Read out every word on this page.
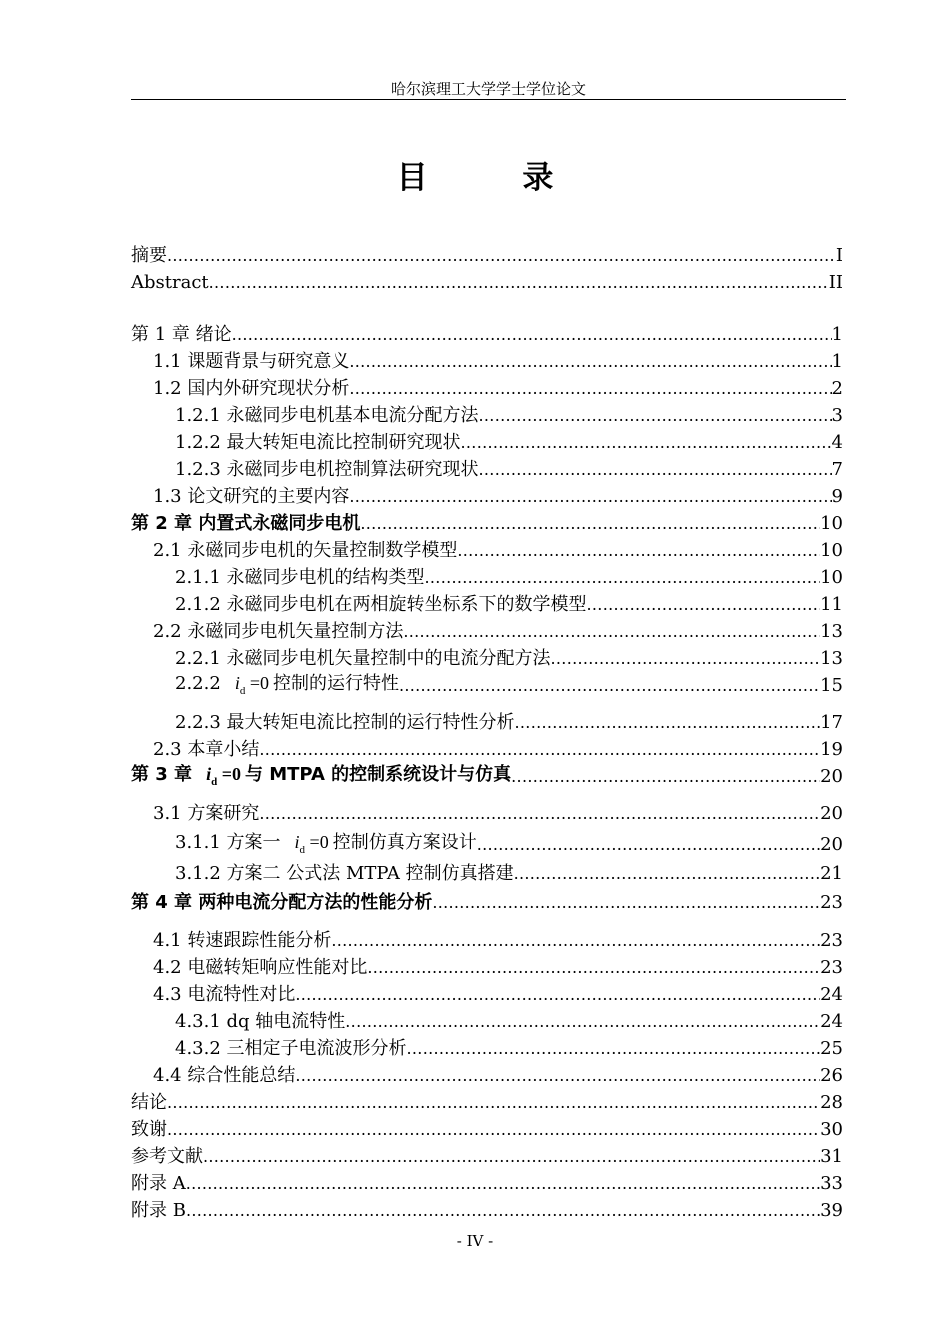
哈尔滨理工大学学士学位论文
目 录
摘要 .....	I
Abstract .....	II
第 1 章 绪论 .....	1
1.1 课题背景与研究意义 .....	1
1.2 国内外研究现状分析 .....	2
1.2.1 永磁同步电机基本电流分配方法 .....	3
1.2.2 最大转矩电流比控制研究现状 .....	4
1.2.3 永磁同步电机控制算法研究现状 .....	7
1.3 论文研究的主要内容 .....	9
第 2 章 内置式永磁同步电机 .....	10
2.1 永磁同步电机的矢量控制数学模型 .....	10
2.1.1 永磁同步电机的结构类型 .....	10
2.1.2 永磁同步电机在两相旋转坐标系下的数学模型 .....	11
2.2 永磁同步电机矢量控制方法 .....	13
2.2.1 永磁同步电机矢量控制中的电流分配方法 .....	13
2.2.2 $i_d =0$ 控制的运行特性 .....	15
2.2.3 最大转矩电流比控制的运行特性分析 .....	17
2.3 本章小结 .....	19
第 3 章 $i_d =0$ 与 MTPA 的控制系统设计与仿真 .....	20
3.1 方案研究 .....	20
3.1.1 方案一 $i_d =0$ 控制仿真方案设计 .....	20
3.1.2 方案二 公式法 MTPA 控制仿真搭建 .....	21
第 4 章 两种电流分配方法的性能分析 .....	23
4.1 转速跟踪性能分析 .....	23
4.2 电磁转矩响应性能对比 .....	23
4.3 电流特性对比 .....	24
4.3.1 dq 轴电流特性 .....	24
4.3.2 三相定子电流波形分析 .....	25
4.4 综合性能总结 .....	26
结论 .....	28
致谢 .....	30
参考文献 .....	31
附录 A .....	33
附录 B .....	39
- IV -
